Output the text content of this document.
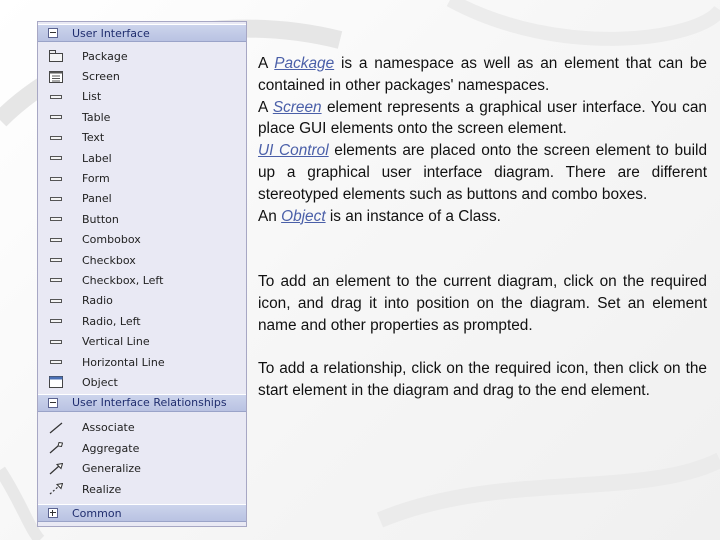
User Interface
Package
Screen
List
Table
Text
Label
Form
Panel
Button
Combobox
Checkbox
Checkbox, Left
Radio
Radio, Left
Vertical Line
Horizontal Line
Object
User Interface Relationships
Associate
Aggregate
Generalize
Realize
Common

A Package is a namespace as well as an element that can be contained in other packages' namespaces.
A Screen element represents a graphical user interface. You can place GUI elements onto the screen element.
UI Control elements are placed onto the screen element to build up a graphical user interface diagram. There are different stereotyped elements such as buttons and combo boxes.
An Object is an instance of a Class.

To add an element to the current diagram, click on the required icon, and drag it into position on the diagram. Set an element name and other properties as prompted.

To add a relationship, click on the required icon, then click on the start element in the diagram and drag to the end element.
